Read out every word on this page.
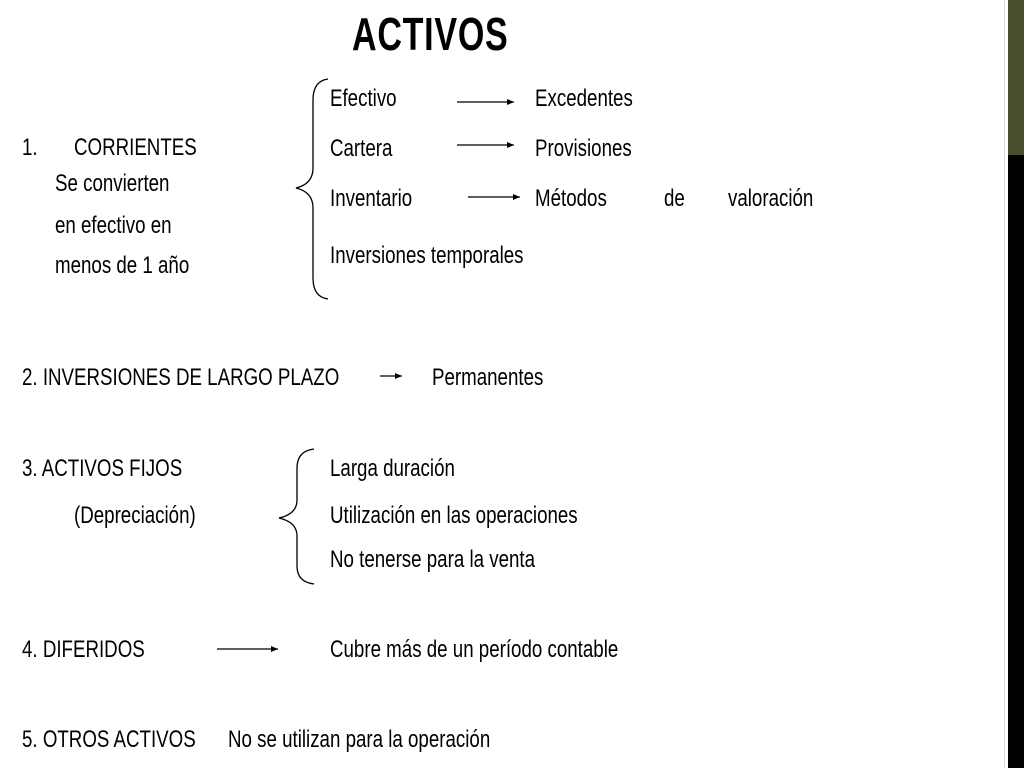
ACTIVOS
1. CORRIENTES
Se convierten
en efectivo en
menos de 1 año
Efectivo	Excedentes
Cartera	Provisiones
Inventario	Métodos de valoración
Inversiones temporales
2. INVERSIONES DE LARGO PLAZO	Permanentes
3. ACTIVOS FIJOS
(Depreciación)
Larga duración
Utilización en las operaciones
No tenerse para la venta
4. DIFERIDOS	Cubre más de un período contable
5. OTROS ACTIVOS No se utilizan para la operación
